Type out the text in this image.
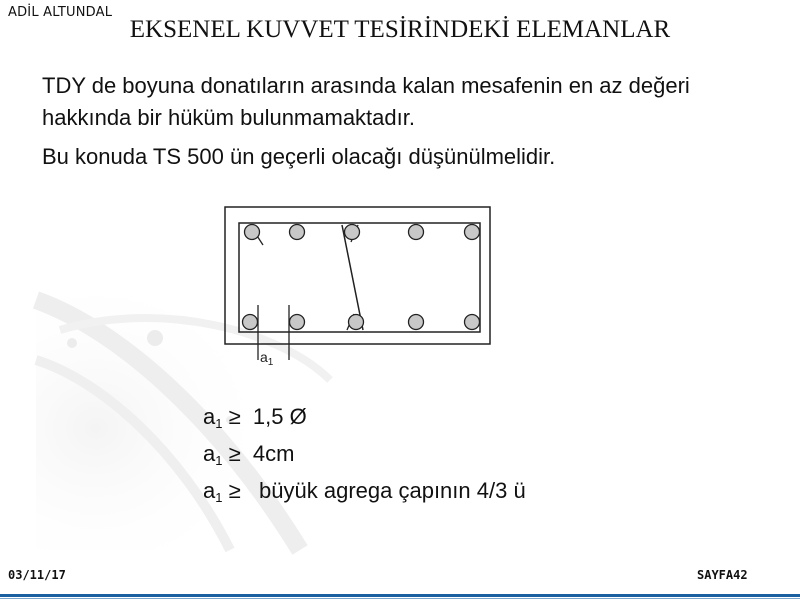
ADİL ALTUNDAL
EKSENEL KUVVET TESİRİNDEKİ ELEMANLAR
TDY de boyuna donatıların arasında kalan mesafenin en az değeri hakkında bir hüküm bulunmamaktadır.
Bu konuda TS 500 ün geçerli olacağı düşünülmelidir.
$a_1$
$a_1 \ge 1,5$ Ø
$a_1 \ge 4cm$
$a_1$ ≥   büyük agrega çapının 4/3 ü
03/11/17	SAYFA42
